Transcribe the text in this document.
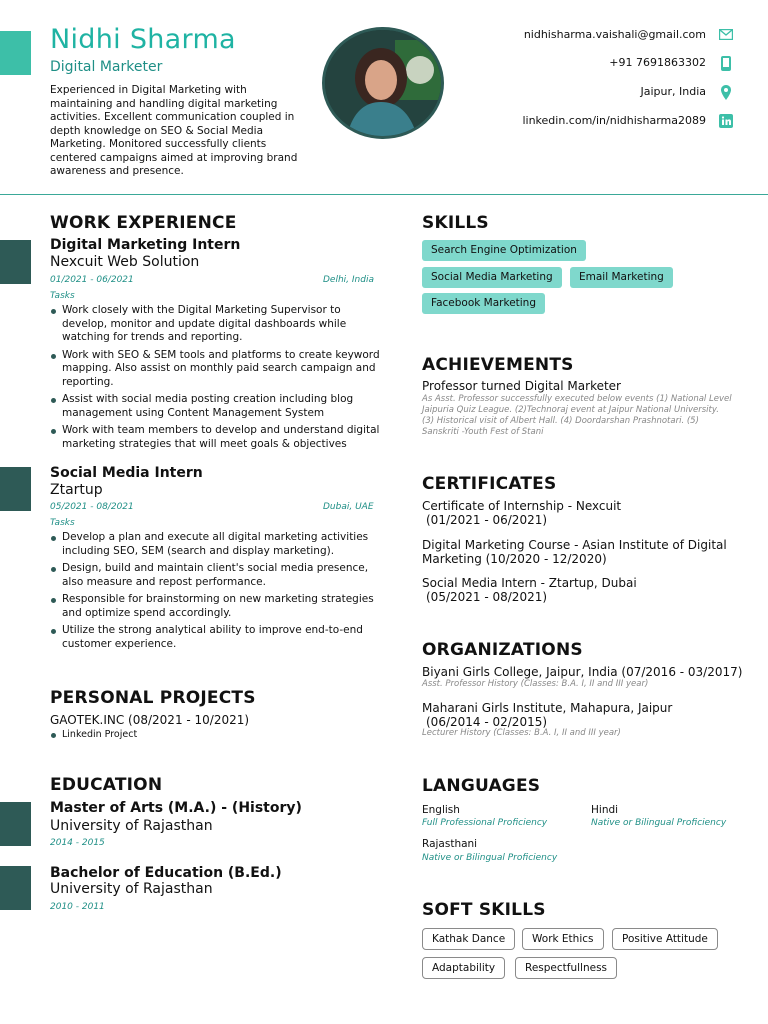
Nidhi Sharma
Digital Marketer
Experienced in Digital Marketing with maintaining and handling digital marketing activities. Excellent communication coupled in depth knowledge on SEO & Social Media Marketing. Monitored successfully clients centered campaigns aimed at improving brand awareness and presence.
nidhisharma.vaishali@gmail.com
+91 7691863302
Jaipur, India
linkedin.com/in/nidhisharma2089
WORK EXPERIENCE
Digital Marketing Intern
Nexcuit Web Solution
01/2021 - 06/2021	Delhi, India
Tasks
Work closely with the Digital Marketing Supervisor to develop, monitor and update digital dashboards while watching for trends and reporting.
Work with SEO & SEM tools and platforms to create keyword mapping. Also assist on monthly paid search campaign and reporting.
Assist with social media posting creation including blog management using Content Management System
Work with team members to develop and understand digital marketing strategies that will meet goals & objectives
Social Media Intern
Ztartup
05/2021 - 08/2021	Dubai, UAE
Tasks
Develop a plan and execute all digital marketing activities including SEO, SEM (search and display marketing).
Design, build and maintain client's social media presence, also measure and repost performance.
Responsible for brainstorming on new marketing strategies and optimize spend accordingly.
Utilize the strong analytical ability to improve end-to-end customer experience.
PERSONAL PROJECTS
GAOTEK.INC (08/2021 - 10/2021)
Linkedin Project
EDUCATION
Master of Arts (M.A.) - (History)
University of Rajasthan
2014 - 2015
Bachelor of Education (B.Ed.)
University of Rajasthan
2010 - 2011
SKILLS
Search Engine Optimization
Social Media Marketing	Email Marketing
Facebook Marketing
ACHIEVEMENTS
Professor turned Digital Marketer
As Asst. Professor successfully executed below events (1) National Level Jaipuria Quiz League. (2)Technoraj event at Jaipur National University. (3) Historical visit of Albert Hall. (4) Doordarshan Prashnotari. (5) Sanskriti -Youth Fest of Stani
CERTIFICATES
Certificate of Internship - Nexcuit
(01/2021 - 06/2021)
Digital Marketing Course - Asian Institute of Digital
Marketing (10/2020 - 12/2020)
Social Media Intern - Ztartup, Dubai
(05/2021 - 08/2021)
ORGANIZATIONS
Biyani Girls College, Jaipur, India (07/2016 - 03/2017)
Asst. Professor History (Classes: B.A. I, II and III year)
Maharani Girls Institute, Mahapura, Jaipur
(06/2014 - 02/2015)
Lecturer History (Classes: B.A. I, II and III year)
LANGUAGES
English
Full Professional Proficiency
Hindi
Native or Bilingual Proficiency
Rajasthani
Native or Bilingual Proficiency
SOFT SKILLS
Kathak Dance	Work Ethics	Positive Attitude
Adaptability	Respectfullness
